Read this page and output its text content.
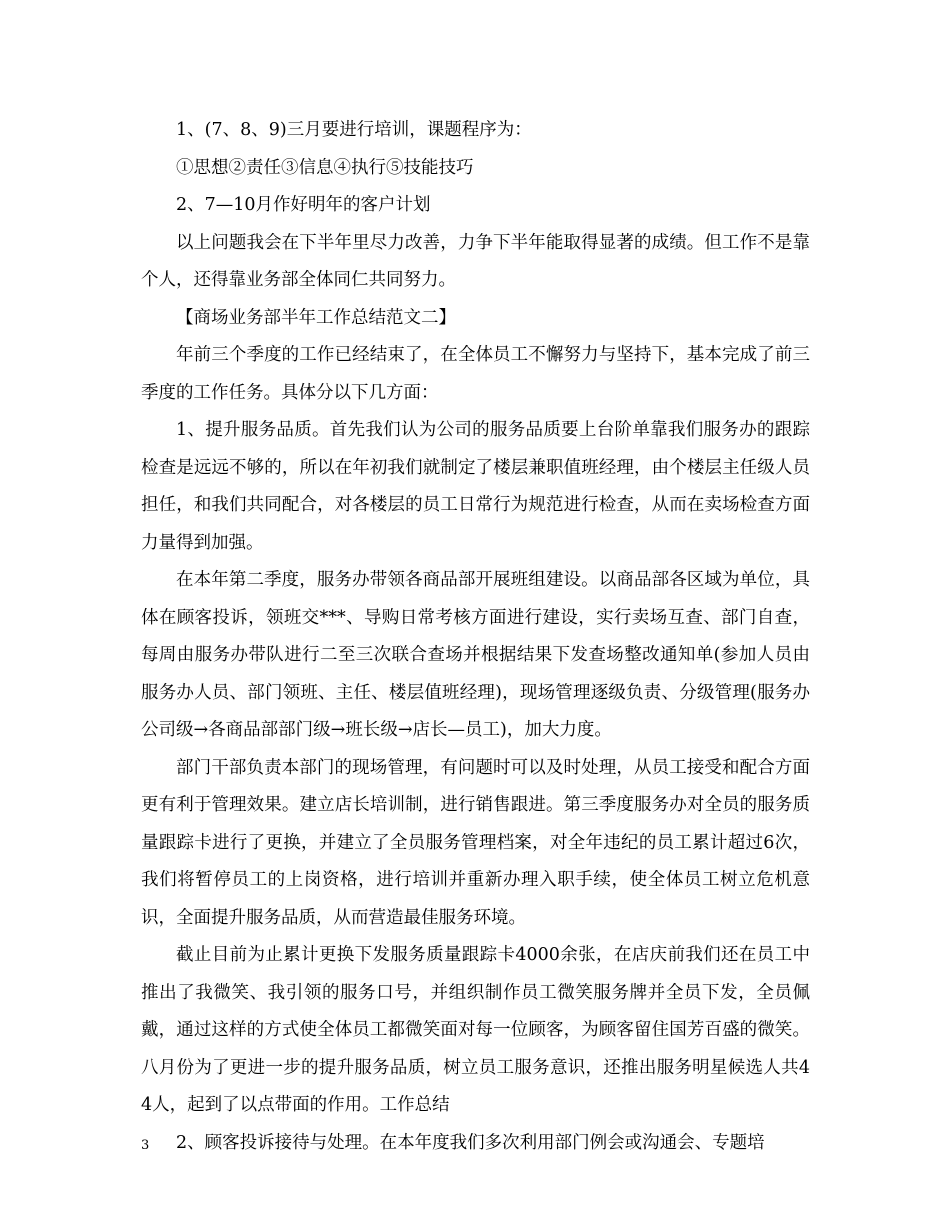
1、(7、8、9)三月要进行培训，课题程序为：

①思想②责任③信息④执行⑤技能技巧

2、7—10月作好明年的客户计划

以上问题我会在下半年里尽力改善，力争下半年能取得显著的成绩。但工作不是靠个人，还得靠业务部全体同仁共同努力。

【商场业务部半年工作总结范文二】

年前三个季度的工作已经结束了，在全体员工不懈努力与坚持下，基本完成了前三季度的工作任务。具体分以下几方面：

1、提升服务品质。首先我们认为公司的服务品质要上台阶单靠我们服务办的跟踪检查是远远不够的，所以在年初我们就制定了楼层兼职值班经理，由个楼层主任级人员担任，和我们共同配合，对各楼层的员工日常行为规范进行检查，从而在卖场检查方面力量得到加强。

在本年第二季度，服务办带领各商品部开展班组建设。以商品部各区域为单位，具体在顾客投诉，领班交***、导购日常考核方面进行建设，实行卖场互查、部门自查，每周由服务办带队进行二至三次联合查场并根据结果下发查场整改通知单(参加人员由服务办人员、部门领班、主任、楼层值班经理)，现场管理逐级负责、分级管理(服务办公司级→各商品部部门级→班长级→店长—员工)，加大力度。

部门干部负责本部门的现场管理，有问题时可以及时处理，从员工接受和配合方面更有利于管理效果。建立店长培训制，进行销售跟进。第三季度服务办对全员的服务质量跟踪卡进行了更换，并建立了全员服务管理档案，对全年违纪的员工累计超过6次，我们将暂停员工的上岗资格，进行培训并重新办理入职手续，使全体员工树立危机意识，全面提升服务品质，从而营造最佳服务环境。

截止目前为止累计更换下发服务质量跟踪卡4000余张，在店庆前我们还在员工中推出了我微笑、我引领的服务口号，并组织制作员工微笑服务牌并全员下发，全员佩戴，通过这样的方式使全体员工都微笑面对每一位顾客，为顾客留住国芳百盛的微笑。八月份为了更进一步的提升服务品质，树立员工服务意识，还推出服务明星候选人共44人，起到了以点带面的作用。工作总结

2、顾客投诉接待与处理。在本年度我们多次利用部门例会或沟通会、专题培

3
